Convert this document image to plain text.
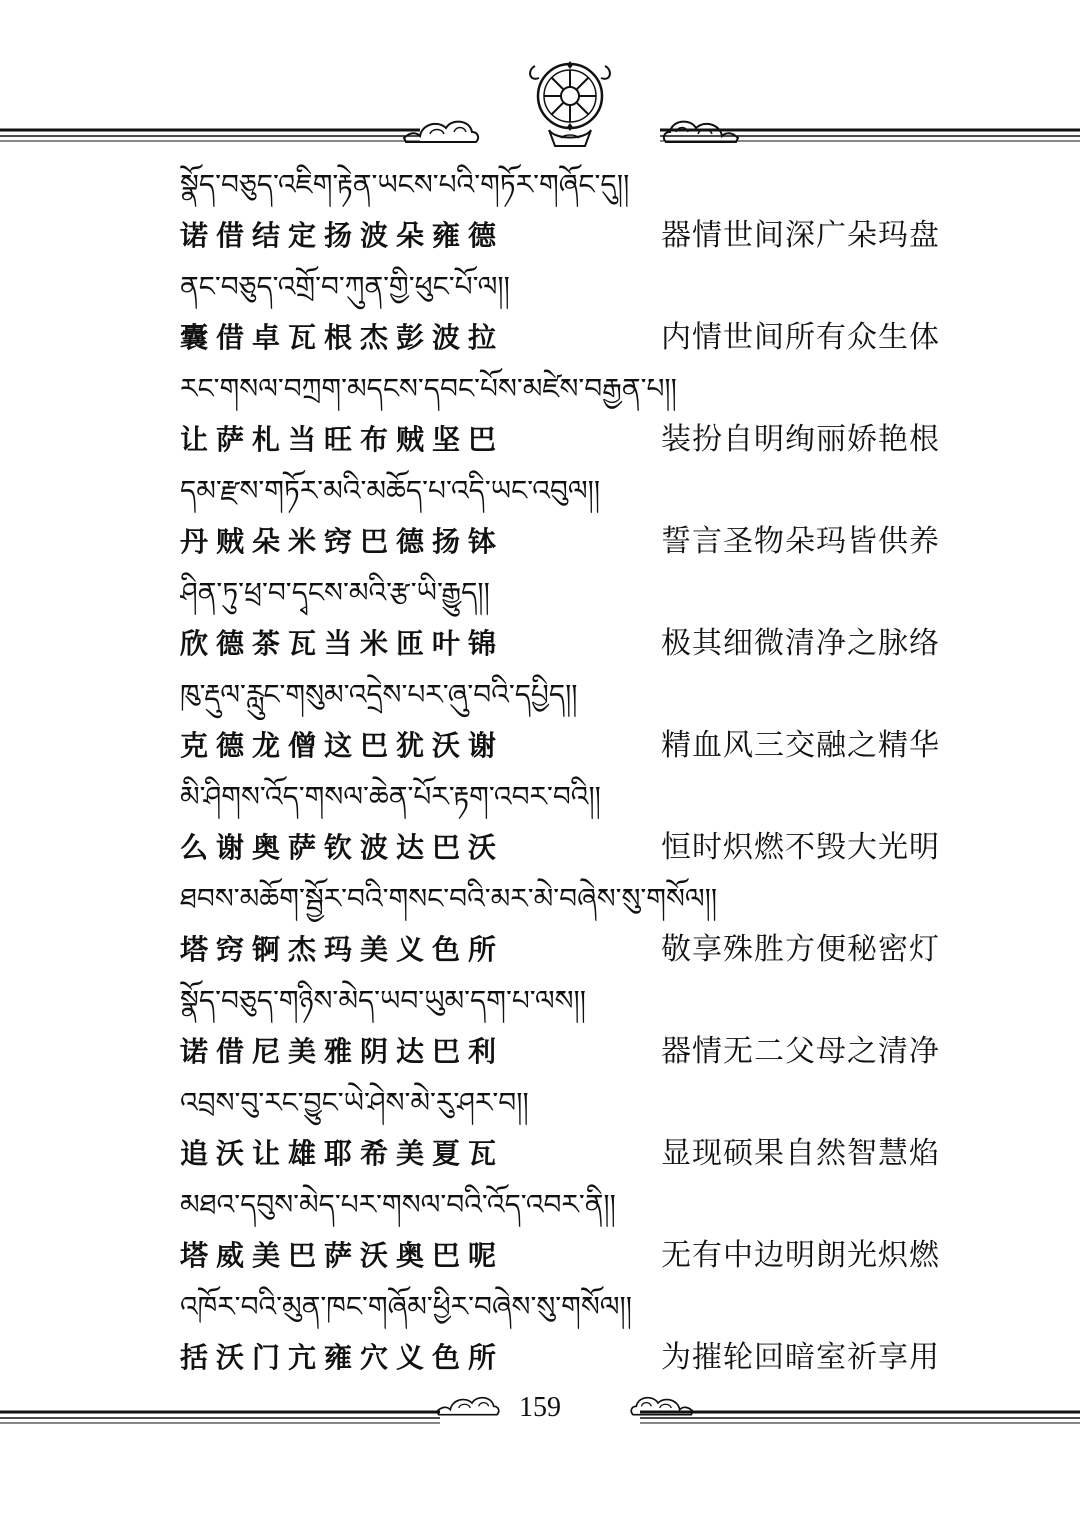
སྣོད་བཅུད་འཇིག་རྟེན་ཡངས་པའི་གཏོར་གཞོང་དུ།།
诺借结定扬波朵雍德	器情世间深广朵玛盘
ནང་བཅུད་འགྲོ་བ་ཀུན་གྱི་ཕུང་པོ་ལ།།
囊借卓瓦根杰彭波拉	内情世间所有众生体
རང་གསལ་བཀྲག་མདངས་དབང་པོས་མཛེས་བརྒྱན་པ།།
让萨札当旺布贼坚巴	装扮自明绚丽娇艳根
དམ་རྫས་གཏོར་མའི་མཆོད་པ་འདི་ཡང་འབུལ།།
丹贼朵米窍巴德扬钵	誓言圣物朵玛皆供养
ཤིན་ཏུ་ཕྲ་བ་དྭངས་མའི་རྩ་ཡི་རྒྱུད།།
欣德茶瓦当米匝叶锦	极其细微清净之脉络
ཁུ་རྡུལ་རླུང་གསུམ་འདྲེས་པར་ཞུ་བའི་དཔྱིད།།
克德龙僧这巴犹沃谢	精血风三交融之精华
མི་ཤིགས་འོད་གསལ་ཆེན་པོར་རྟག་འབར་བའི།།
么谢奥萨钦波达巴沃	恒时炽燃不毁大光明
ཐབས་མཆོག་སྦྱོར་བའི་གསང་བའི་མར་མེ་བཞེས་སུ་གསོལ།།
塔窍锕杰玛美义色所	敬享殊胜方便秘密灯
སྣོད་བཅུད་གཉིས་མེད་ཡབ་ཡུམ་དག་པ་ལས།།
诺借尼美雅阴达巴利	器情无二父母之清净
འབྲས་བུ་རང་བྱུང་ཡེ་ཤེས་མེ་རུ་ཤར་བ།།
追沃让雄耶希美夏瓦	显现硕果自然智慧焰
མཐའ་དབུས་མེད་པར་གསལ་བའི་འོད་འབར་ནི།།
塔威美巴萨沃奥巴呢	无有中边明朗光炽燃
འཁོར་བའི་མུན་ཁང་གཞོམ་ཕྱིར་བཞེས་སུ་གསོལ།།
括沃门亢雍穴义色所	为摧轮回暗室祈享用
159
